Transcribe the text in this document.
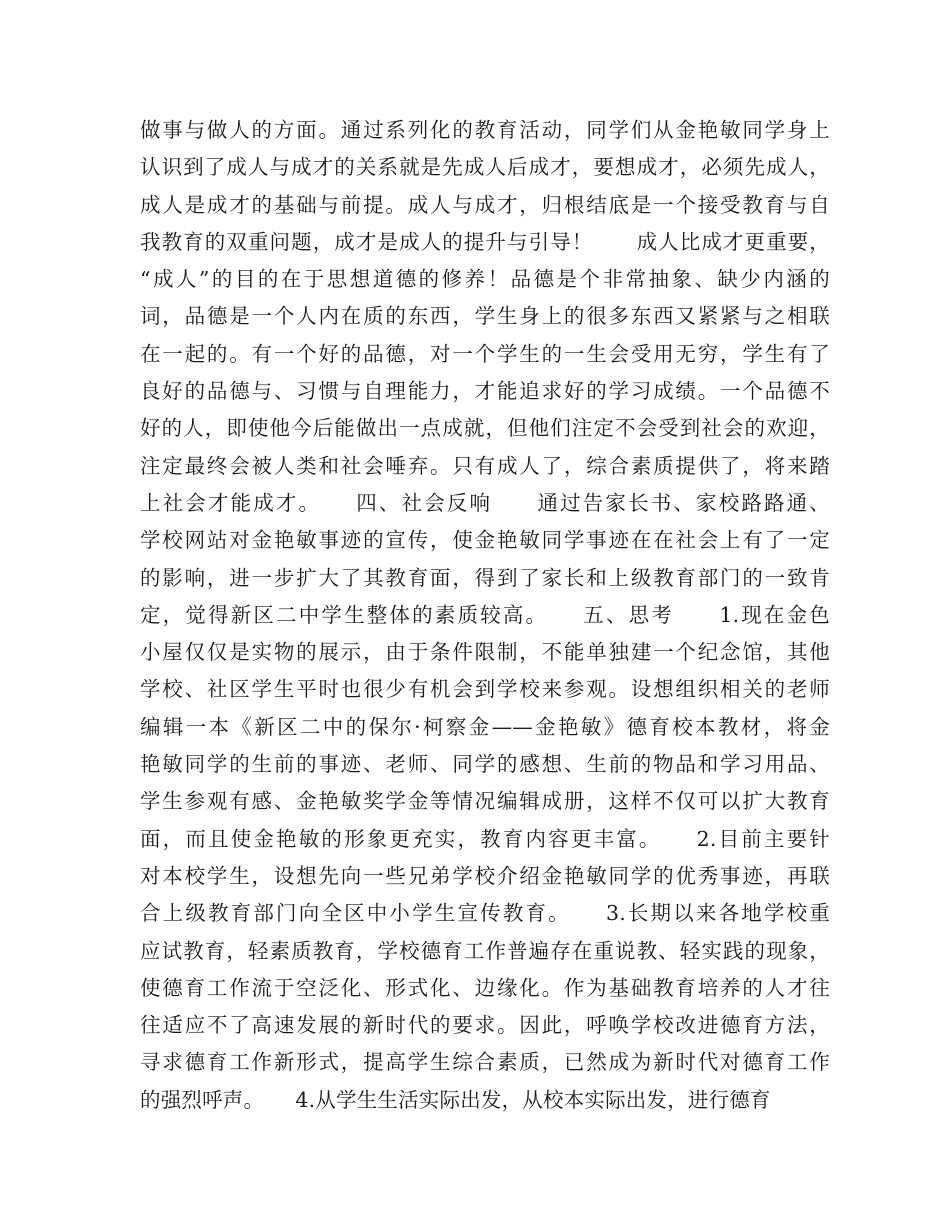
做事与做人的方面。通过系列化的教育活动，同学们从金艳敏同学身上
认识到了成人与成才的关系就是先成人后成才，要想成才，必须先成人，
成人是成才的基础与前提。成人与成才，归根结底是一个接受教育与自
我教育的双重问题，成才是成人的提升与引导！　　成人比成才更重要，
“成人”的目的在于思想道德的修养！品德是个非常抽象、缺少内涵的
词，品德是一个人内在质的东西，学生身上的很多东西又紧紧与之相联
在一起的。有一个好的品德，对一个学生的一生会受用无穷，学生有了
良好的品德与、习惯与自理能力，才能追求好的学习成绩。一个品德不
好的人，即使他今后能做出一点成就，但他们注定不会受到社会的欢迎，
注定最终会被人类和社会唾弃。只有成人了，综合素质提供了，将来踏
上社会才能成才。　　四、社会反响　　通过告家长书、家校路路通、
学校网站对金艳敏事迹的宣传，使金艳敏同学事迹在在社会上有了一定
的影响，进一步扩大了其教育面，得到了家长和上级教育部门的一致肯
定，觉得新区二中学生整体的素质较高。　　五、思考　　1.现在金色
小屋仅仅是实物的展示，由于条件限制，不能单独建一个纪念馆，其他
学校、社区学生平时也很少有机会到学校来参观。设想组织相关的老师
编辑一本《新区二中的保尔·柯察金——金艳敏》德育校本教材，将金
艳敏同学的生前的事迹、老师、同学的感想、生前的物品和学习用品、
学生参观有感、金艳敏奖学金等情况编辑成册，这样不仅可以扩大教育
面，而且使金艳敏的形象更充实，教育内容更丰富。　　2.目前主要针
对本校学生，设想先向一些兄弟学校介绍金艳敏同学的优秀事迹，再联
合上级教育部门向全区中小学生宣传教育。　　3.长期以来各地学校重
应试教育，轻素质教育，学校德育工作普遍存在重说教、轻实践的现象，
使德育工作流于空泛化、形式化、边缘化。作为基础教育培养的人才往
往适应不了高速发展的新时代的要求。因此，呼唤学校改进德育方法，
寻求德育工作新形式，提高学生综合素质，已然成为新时代对德育工作
的强烈呼声。　　4.从学生生活实际出发，从校本实际出发，进行德育
